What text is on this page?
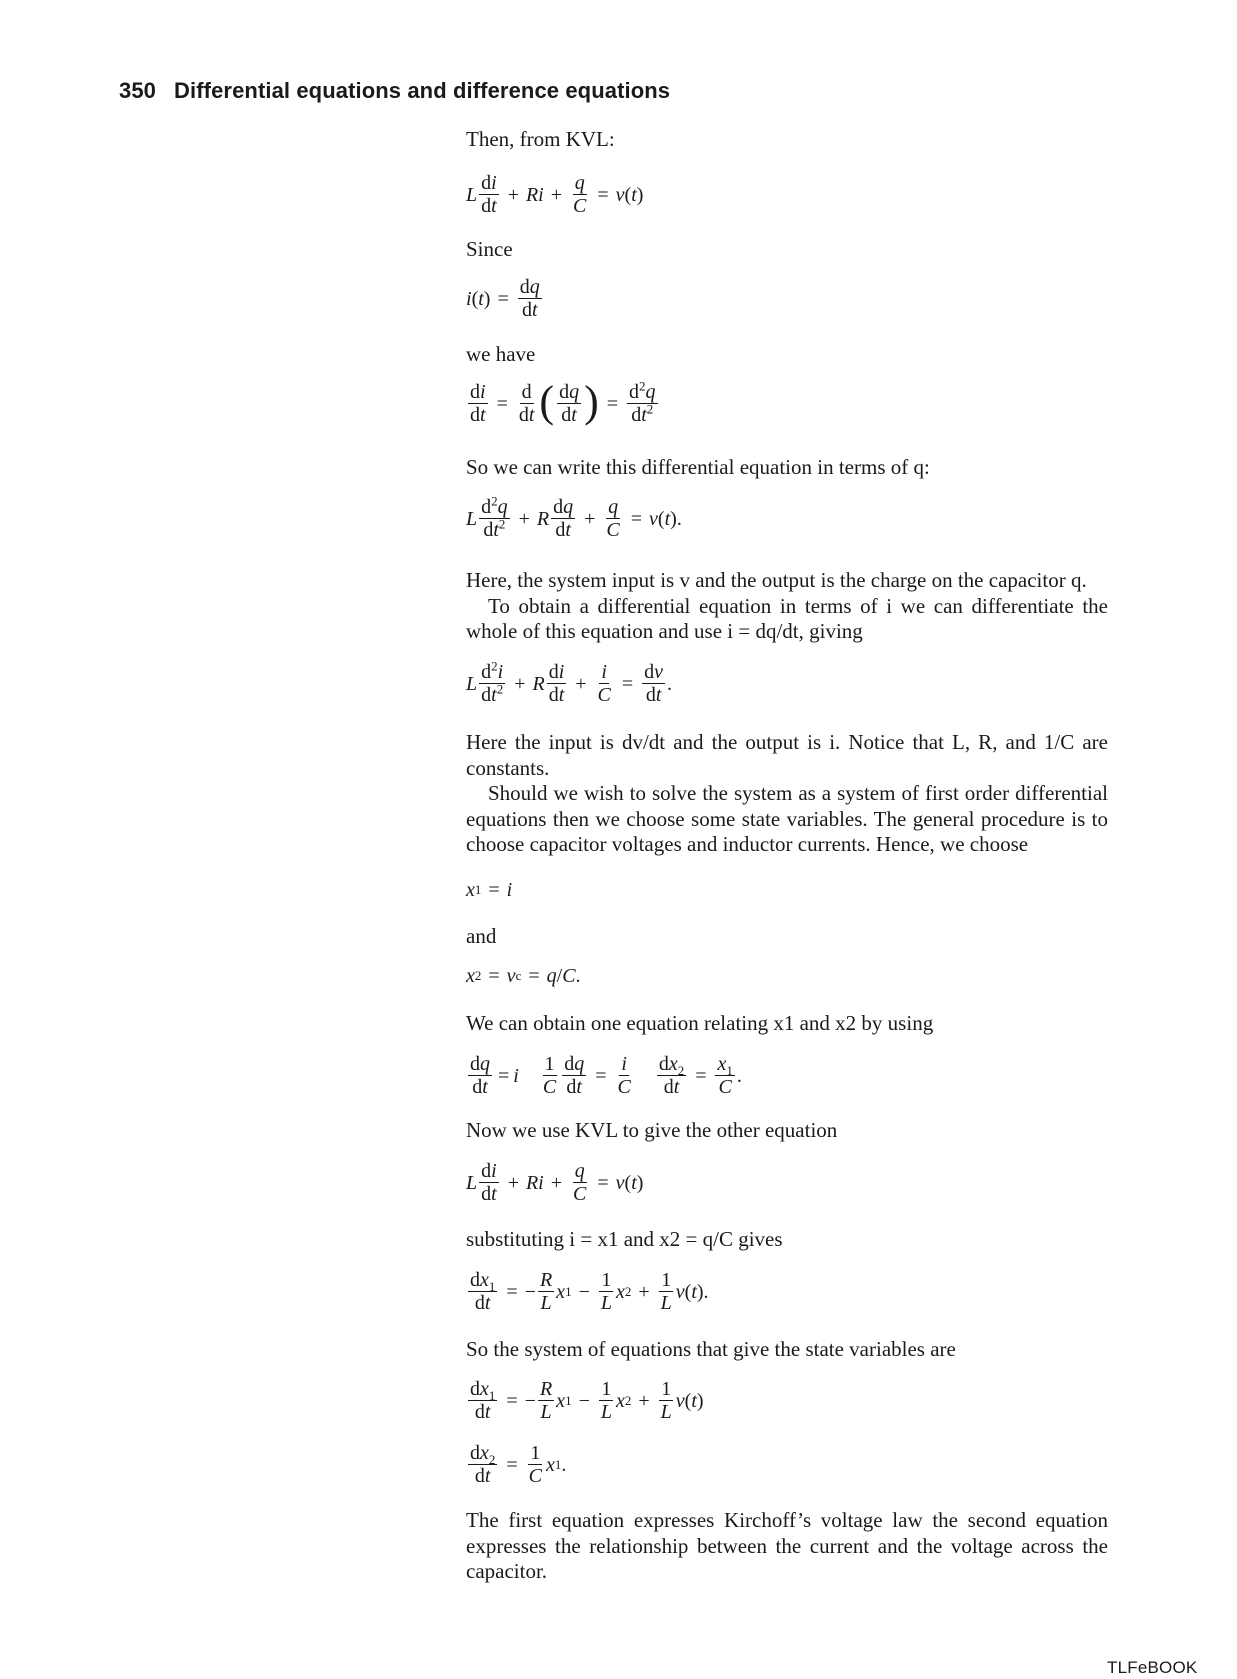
350 Differential equations and difference equations
Then, from KVL:
L $\frac{di}{dt} + Ri + \frac{q}{C} = v$ ( t )
Since
i ( t ) = $\frac{dq}{dt}$
we have
$\frac{di}{dt} = \frac{d}{dt}$ ( $\frac{dq}{dt}$ ) = $\frac{d^2q}{dt^2}$
So we can write this differential equation in terms of q:
L $\frac{d^2q}{dt^2} + R \frac{dq}{dt} + \frac{q}{C} = v$ ( t ).
Here, the system input is v and the output is the charge on the capacitor q.
To obtain a differential equation in terms of i we can differentiate the whole of this equation and use i = dq/dt, giving
L $\frac{d^2i}{dt^2} + R \frac{di}{dt} + \frac{i}{C} = \frac{dv}{dt}$ .
Here the input is dv/dt and the output is i. Notice that L, R, and 1/C are constants.
Should we wish to solve the system as a system of first order differential equations then we choose some state variables. The general procedure is to choose capacitor voltages and inductor currents. Hence, we choose
x 1 = i
and
x 2 = v c = q / C .
We can obtain one equation relating x1 and x2 by using
$\frac{dq}{dt} = i \frac{1}{C} \frac{dq}{dt} = \frac{i}{C} \frac{dx_2}{dt} = \frac{x_1}{C}$ .
Now we use KVL to give the other equation
L $\frac{di}{dt} + Ri + \frac{q}{C} = v$ ( t )
substituting i = x1 and x2 = q/C gives
$\frac{dx_1}{dt}$ = − $\frac{R}{L}$ x $1 - \frac{1}{L}$ x $2 + \frac{1}{L}$ v ( t ).
So the system of equations that give the state variables are
$\frac{dx_1}{dt}$ = − $\frac{R}{L}$ x $1 - \frac{1}{L}$ x $2 + \frac{1}{L}$ v ( t )
$\frac{dx_2}{dt} = \frac{1}{C}$ x 1 .
The first equation expresses Kirchoff’s voltage law the second equation expresses the relationship between the current and the voltage across the capacitor.
TLFeBOOK
